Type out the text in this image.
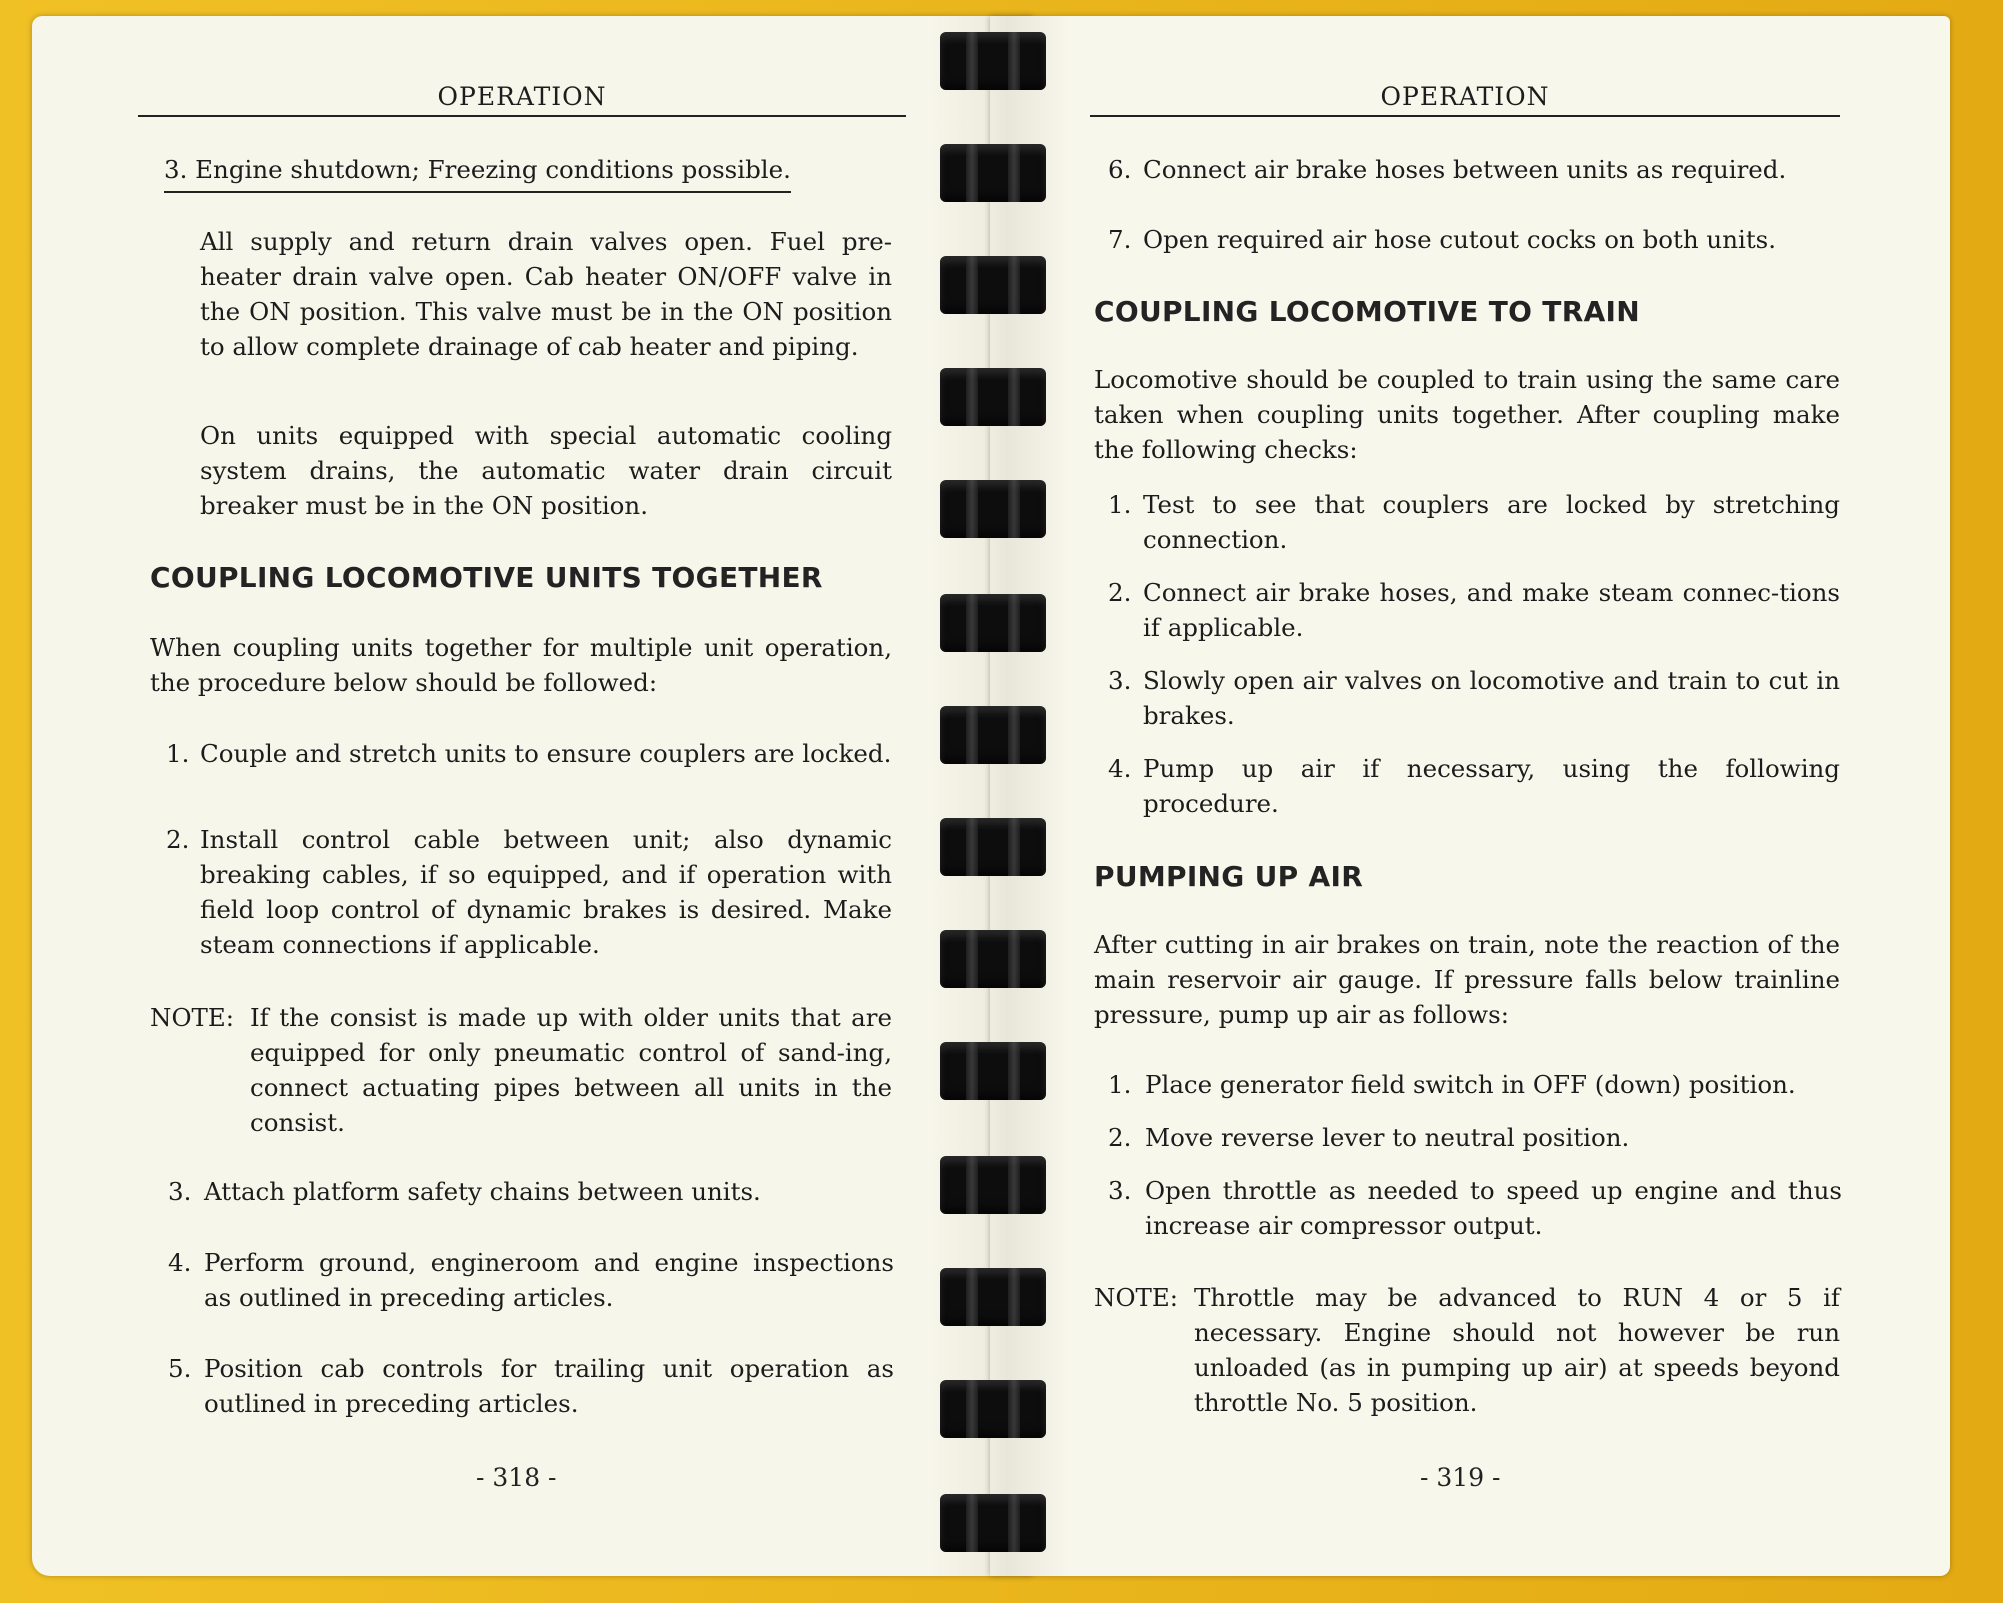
OPERATION
3. Engine shutdown; Freezing conditions possible.
All supply and return drain valves open. Fuel pre-heater drain valve open. Cab heater ON/OFF valve in the ON position. This valve must be in the ON position to allow complete drainage of cab heater and piping.
On units equipped with special automatic cooling system drains, the automatic water drain circuit breaker must be in the ON position.
COUPLING LOCOMOTIVE UNITS TOGETHER
When coupling units together for multiple unit operation, the procedure below should be followed:
1. Couple and stretch units to ensure couplers are locked.
2. Install control cable between unit; also dynamic breaking cables, if so equipped, and if operation with field loop control of dynamic brakes is desired. Make steam connections if applicable.
NOTE: If the consist is made up with older units that are equipped for only pneumatic control of sand-ing, connect actuating pipes between all units in the consist.
3. Attach platform safety chains between units.
4. Perform ground, engineroom and engine inspections as outlined in preceding articles.
5. Position cab controls for trailing unit operation as outlined in preceding articles.
- 318 -
OPERATION
6. Connect air brake hoses between units as required.
7. Open required air hose cutout cocks on both units.
COUPLING LOCOMOTIVE TO TRAIN
Locomotive should be coupled to train using the same care taken when coupling units together. After coupling make the following checks:
1. Test to see that couplers are locked by stretching connection.
2. Connect air brake hoses, and make steam connec-tions if applicable.
3. Slowly open air valves on locomotive and train to cut in brakes.
4. Pump up air if necessary, using the following procedure.
PUMPING UP AIR
After cutting in air brakes on train, note the reaction of the main reservoir air gauge. If pressure falls below trainline pressure, pump up air as follows:
1. Place generator field switch in OFF (down) position.
2. Move reverse lever to neutral position.
3. Open throttle as needed to speed up engine and thus increase air compressor output.
NOTE: Throttle may be advanced to RUN 4 or 5 if necessary. Engine should not however be run unloaded (as in pumping up air) at speeds beyond throttle No. 5 position.
- 319 -
